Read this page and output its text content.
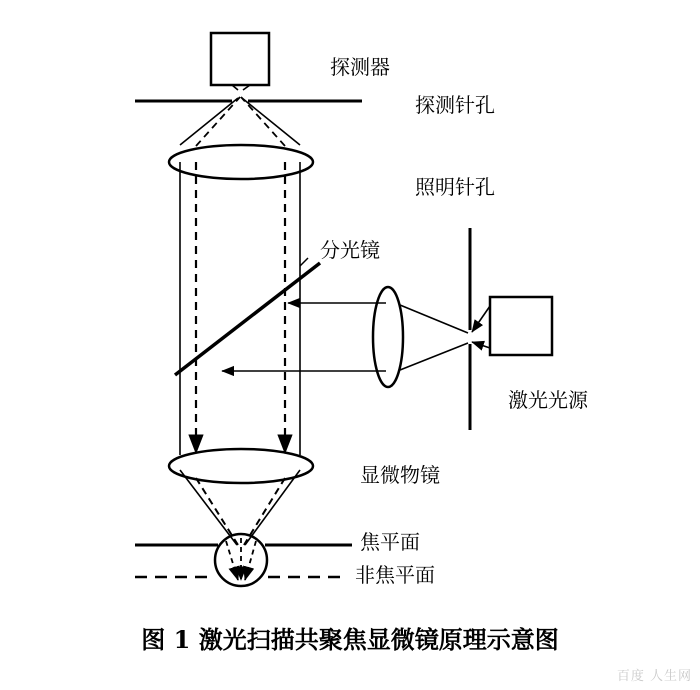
探测器
探测针孔
照明针孔
分光镜
激光光源
显微物镜
焦平面
非焦平面
图 1 激光扫描共聚焦显微镜原理示意图
百度 人生网
